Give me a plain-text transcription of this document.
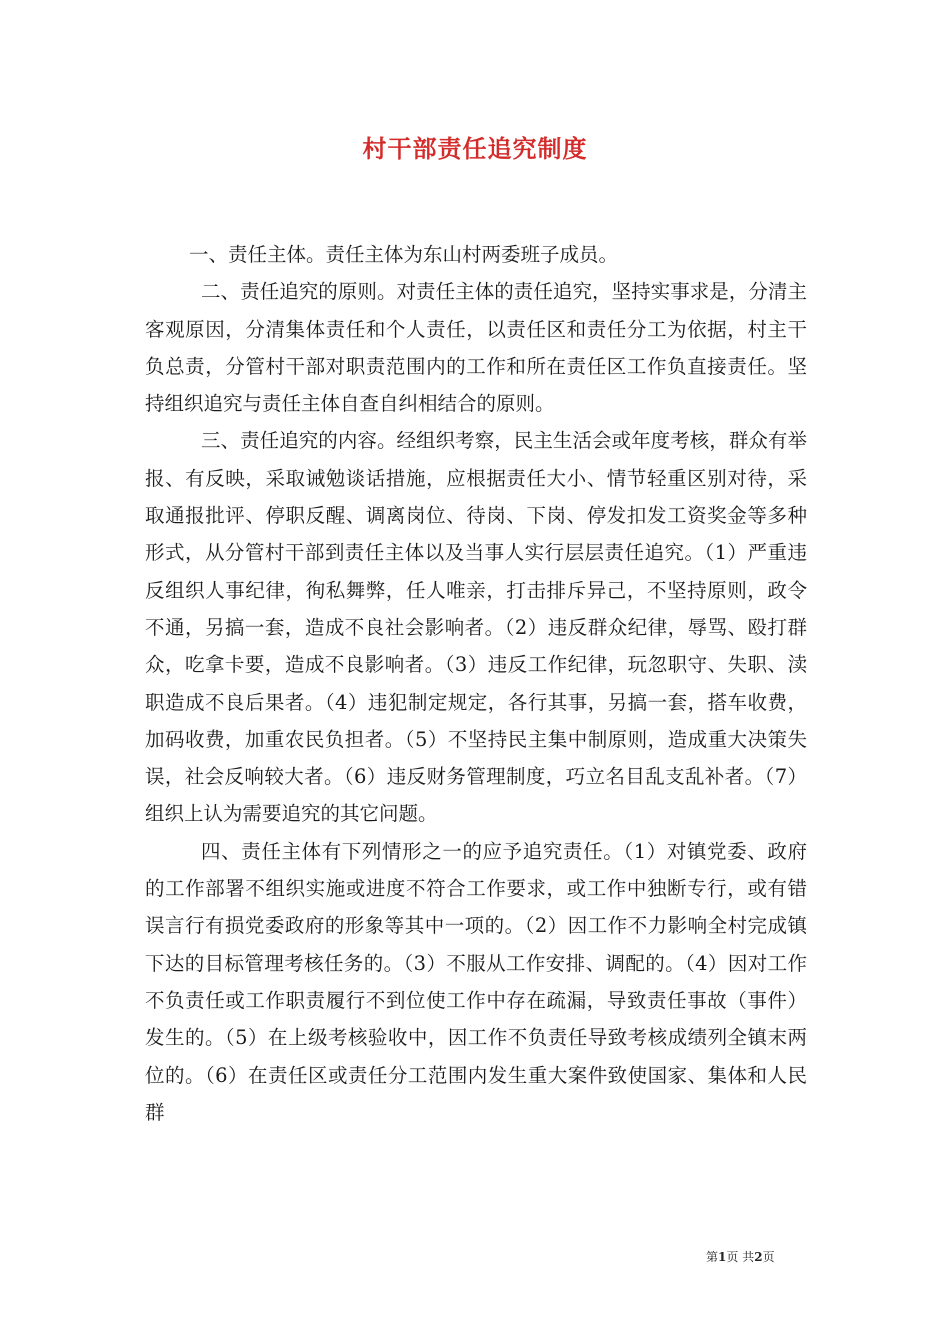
村干部责任追究制度

一、责任主体。责任主体为东山村两委班子成员。

二、责任追究的原则。对责任主体的责任追究，坚持实事求是，分清主客观原因，分清集体责任和个人责任，以责任区和责任分工为依据，村主干负总责，分管村干部对职责范围内的工作和所在责任区工作负直接责任。坚持组织追究与责任主体自查自纠相结合的原则。

三、责任追究的内容。经组织考察，民主生活会或年度考核，群众有举报、有反映，采取诫勉谈话措施，应根据责任大小、情节轻重区别对待，采取通报批评、停职反醒、调离岗位、待岗、下岗、停发扣发工资奖金等多种形式，从分管村干部到责任主体以及当事人实行层层责任追究。（1）严重违反组织人事纪律，徇私舞弊，任人唯亲，打击排斥异己，不坚持原则，政令不通，另搞一套，造成不良社会影响者。（2）违反群众纪律，辱骂、殴打群众，吃拿卡要，造成不良影响者。（3）违反工作纪律，玩忽职守、失职、渎职造成不良后果者。（4）违犯制定规定，各行其事，另搞一套，搭车收费，加码收费，加重农民负担者。（5）不坚持民主集中制原则，造成重大决策失误，社会反响较大者。（6）违反财务管理制度，巧立名目乱支乱补者。（7）组织上认为需要追究的其它问题。

四、责任主体有下列情形之一的应予追究责任。（1）对镇党委、政府的工作部署不组织实施或进度不符合工作要求，或工作中独断专行，或有错误言行有损党委政府的形象等其中一项的。（2）因工作不力影响全村完成镇下达的目标管理考核任务的。（3）不服从工作安排、调配的。（4）因对工作不负责任或工作职责履行不到位使工作中存在疏漏，导致责任事故（事件）发生的。（5）在上级考核验收中，因工作不负责任导致考核成绩列全镇末两位的。（6）在责任区或责任分工范围内发生重大案件致使国家、集体和人民群

第1页 共2页
